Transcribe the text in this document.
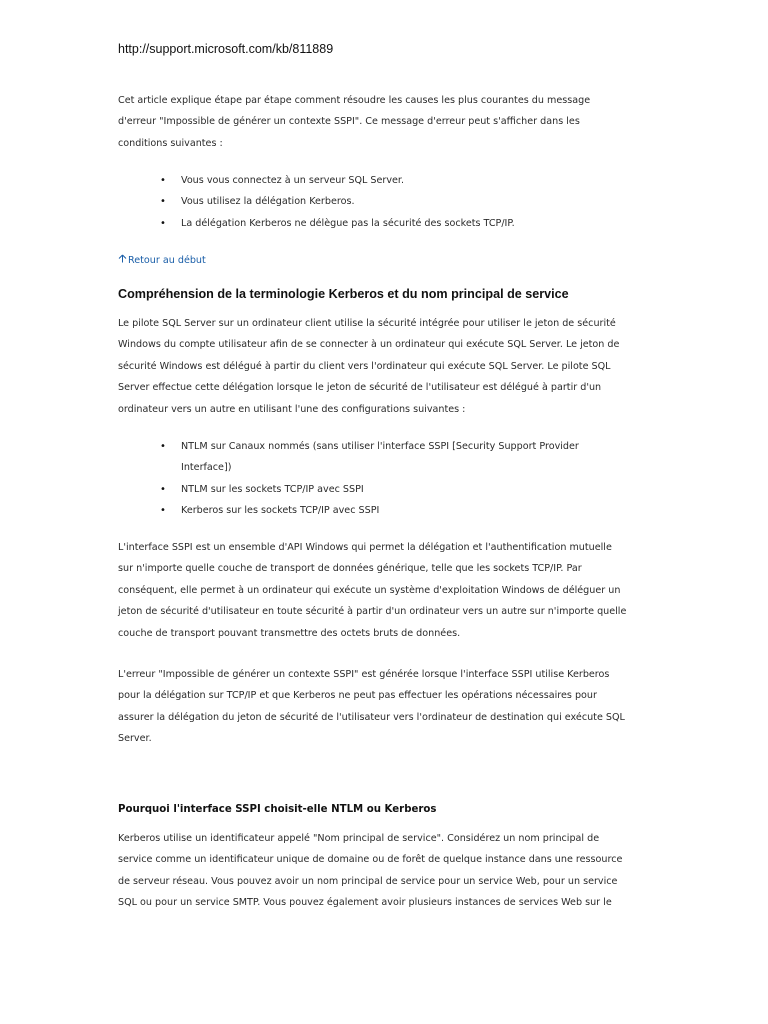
http://support.microsoft.com/kb/811889
Cet article explique étape par étape comment résoudre les causes les plus courantes du message
d'erreur "Impossible de générer un contexte SSPI". Ce message d'erreur peut s'afficher dans les
conditions suivantes :
• Vous vous connectez à un serveur SQL Server.
• Vous utilisez la délégation Kerberos.
• La délégation Kerberos ne délègue pas la sécurité des sockets TCP/IP.
Retour au début
Compréhension de la terminologie Kerberos et du nom principal de service
Le pilote SQL Server sur un ordinateur client utilise la sécurité intégrée pour utiliser le jeton de sécurité
Windows du compte utilisateur afin de se connecter à un ordinateur qui exécute SQL Server. Le jeton de
sécurité Windows est délégué à partir du client vers l'ordinateur qui exécute SQL Server. Le pilote SQL
Server effectue cette délégation lorsque le jeton de sécurité de l'utilisateur est délégué à partir d'un
ordinateur vers un autre en utilisant l'une des configurations suivantes :
• NTLM sur Canaux nommés (sans utiliser l'interface SSPI [Security Support Provider
Interface])
• NTLM sur les sockets TCP/IP avec SSPI
• Kerberos sur les sockets TCP/IP avec SSPI
L'interface SSPI est un ensemble d'API Windows qui permet la délégation et l'authentification mutuelle
sur n'importe quelle couche de transport de données générique, telle que les sockets TCP/IP. Par
conséquent, elle permet à un ordinateur qui exécute un système d'exploitation Windows de déléguer un
jeton de sécurité d'utilisateur en toute sécurité à partir d'un ordinateur vers un autre sur n'importe quelle
couche de transport pouvant transmettre des octets bruts de données.
L'erreur "Impossible de générer un contexte SSPI" est générée lorsque l'interface SSPI utilise Kerberos
pour la délégation sur TCP/IP et que Kerberos ne peut pas effectuer les opérations nécessaires pour
assurer la délégation du jeton de sécurité de l'utilisateur vers l'ordinateur de destination qui exécute SQL
Server.
Pourquoi l'interface SSPI choisit-elle NTLM ou Kerberos
Kerberos utilise un identificateur appelé "Nom principal de service". Considérez un nom principal de
service comme un identificateur unique de domaine ou de forêt de quelque instance dans une ressource
de serveur réseau. Vous pouvez avoir un nom principal de service pour un service Web, pour un service
SQL ou pour un service SMTP. Vous pouvez également avoir plusieurs instances de services Web sur le
